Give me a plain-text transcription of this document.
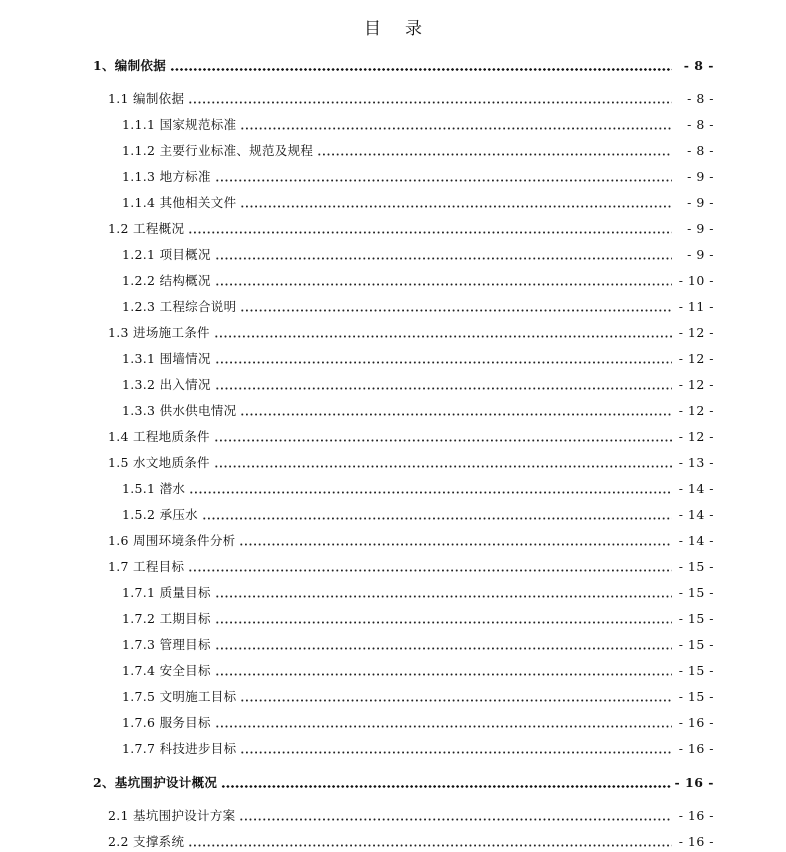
目 录
1、编制依据	- 8 -
1.1 编制依据	- 8 -
1.1.1 国家规范标准	- 8 -
1.1.2 主要行业标准、规范及规程	- 8 -
1.1.3 地方标准	- 9 -
1.1.4 其他相关文件	- 9 -
1.2 工程概况	- 9 -
1.2.1 项目概况	- 9 -
1.2.2 结构概况	- 10 -
1.2.3 工程综合说明	- 11 -
1.3 进场施工条件	- 12 -
1.3.1 围墙情况	- 12 -
1.3.2 出入情况	- 12 -
1.3.3 供水供电情况	- 12 -
1.4 工程地质条件	- 12 -
1.5 水文地质条件	- 13 -
1.5.1 潜水	- 14 -
1.5.2 承压水	- 14 -
1.6 周围环境条件分析	- 14 -
1.7 工程目标	- 15 -
1.7.1 质量目标	- 15 -
1.7.2 工期目标	- 15 -
1.7.3 管理目标	- 15 -
1.7.4 安全目标	- 15 -
1.7.5 文明施工目标	- 15 -
1.7.6 服务目标	- 16 -
1.7.7 科技进步目标	- 16 -
2、基坑围护设计概况	- 16 -
2.1 基坑围护设计方案	- 16 -
2.2 支撑系统	- 16 -
